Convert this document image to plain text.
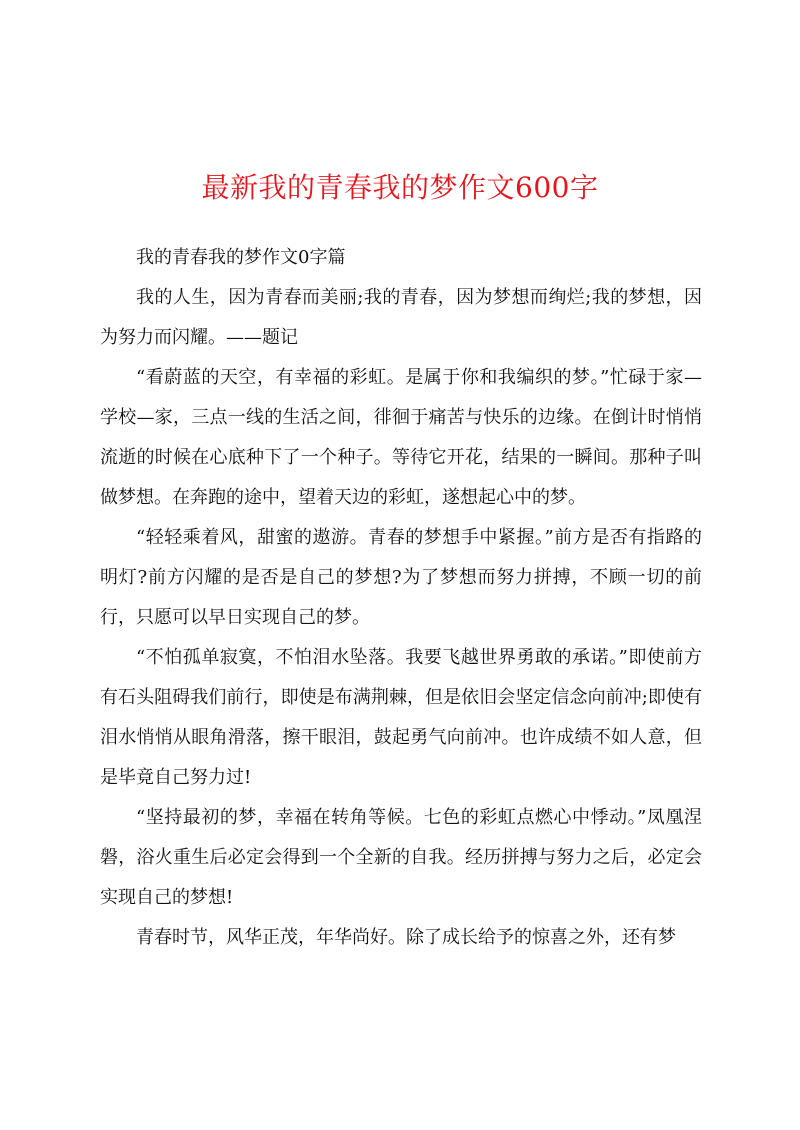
最新我的青春我的梦作文600字

我的青春我的梦作文0字篇

我的人生，因为青春而美丽;我的青春，因为梦想而绚烂;我的梦想，因为努力而闪耀。——题记

“看蔚蓝的天空，有幸福的彩虹。是属于你和我编织的梦。”忙碌于家—学校—家，三点一线的生活之间，徘徊于痛苦与快乐的边缘。在倒计时悄悄流逝的时候在心底种下了一个种子。等待它开花，结果的一瞬间。那种子叫做梦想。在奔跑的途中，望着天边的彩虹，遂想起心中的梦。

“轻轻乘着风，甜蜜的遨游。青春的梦想手中紧握。”前方是否有指路的明灯?前方闪耀的是否是自己的梦想?为了梦想而努力拼搏，不顾一切的前行，只愿可以早日实现自己的梦。

“不怕孤单寂寞，不怕泪水坠落。我要飞越世界勇敢的承诺。”即使前方有石头阻碍我们前行，即使是布满荆棘，但是依旧会坚定信念向前冲;即使有泪水悄悄从眼角滑落，擦干眼泪，鼓起勇气向前冲。也许成绩不如人意，但是毕竟自己努力过!

“坚持最初的梦，幸福在转角等候。七色的彩虹点燃心中悸动。”凤凰涅磐，浴火重生后必定会得到一个全新的自我。经历拼搏与努力之后，必定会实现自己的梦想!

青春时节，风华正茂，年华尚好。除了成长给予的惊喜之外，还有梦
